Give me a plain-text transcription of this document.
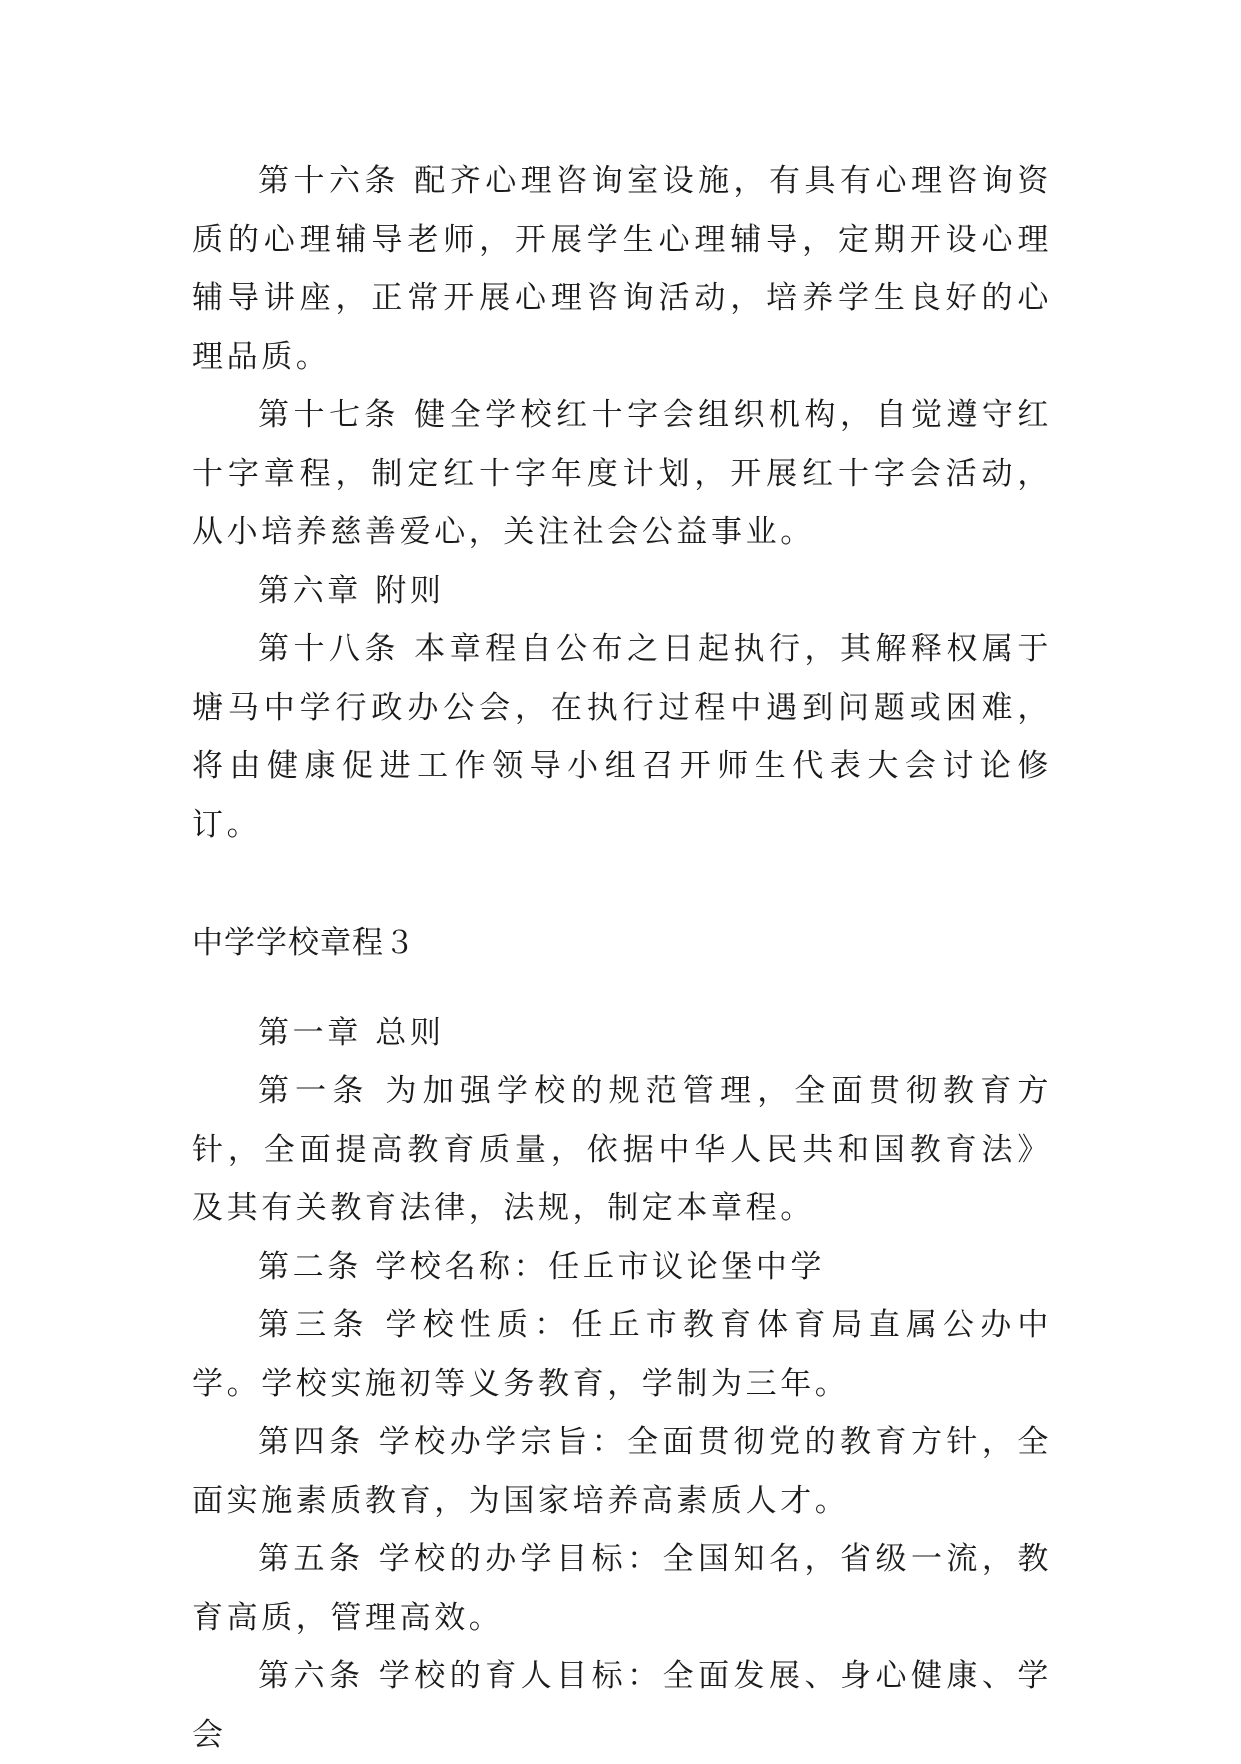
第十六条 配齐心理咨询室设施，有具有心理咨询资质的心理辅导老师，开展学生心理辅导，定期开设心理辅导讲座，正常开展心理咨询活动，培养学生良好的心理品质。

第十七条 健全学校红十字会组织机构，自觉遵守红十字章程，制定红十字年度计划，开展红十字会活动，从小培养慈善爱心，关注社会公益事业。

第六章 附则

第十八条 本章程自公布之日起执行，其解释权属于塘马中学行政办公会，在执行过程中遇到问题或困难，将由健康促进工作领导小组召开师生代表大会讨论修订。

中学学校章程３

第一章 总则

第一条 为加强学校的规范管理，全面贯彻教育方针，全面提高教育质量，依据中华人民共和国教育法》及其有关教育法律，法规，制定本章程。

第二条 学校名称：任丘市议论堡中学

第三条 学校性质：任丘市教育体育局直属公办中学。学校实施初等义务教育，学制为三年。

第四条 学校办学宗旨：全面贯彻党的教育方针，全面实施素质教育，为国家培养高素质人才。

第五条 学校的办学目标：全国知名，省级一流，教育高质，管理高效。

第六条 学校的育人目标：全面发展、身心健康、学会
